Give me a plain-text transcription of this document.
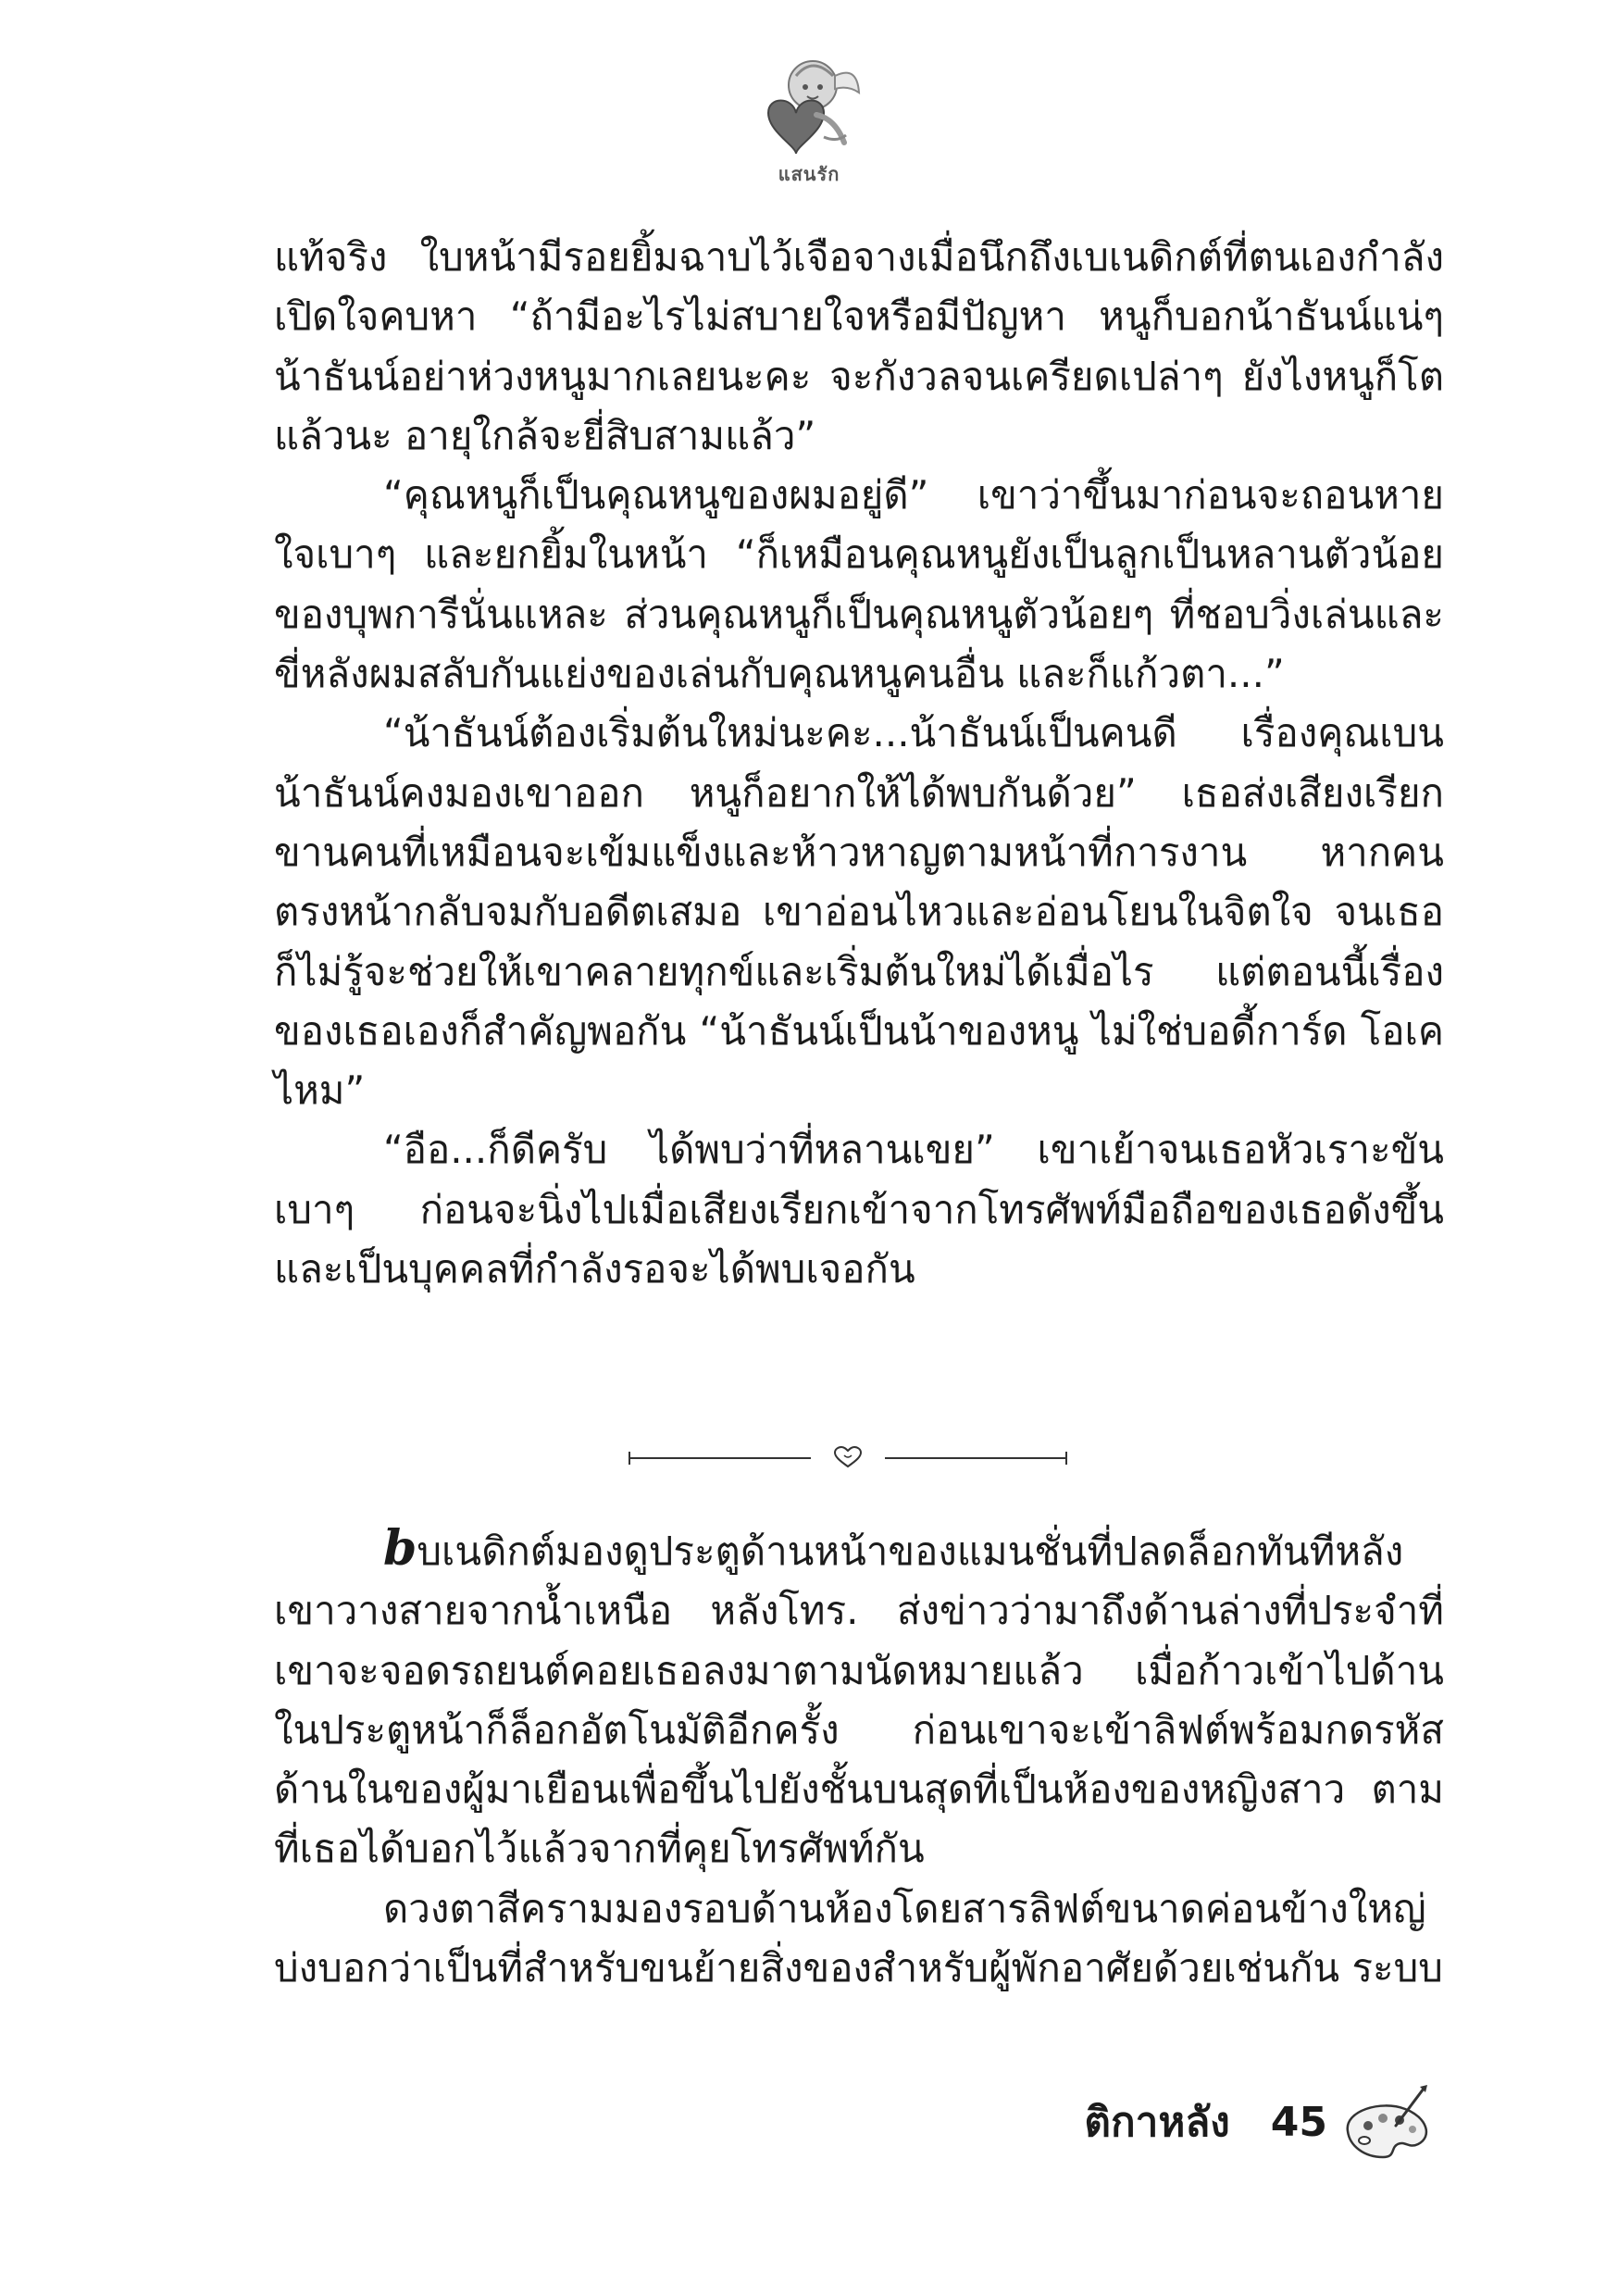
แสนรัก

แท้จริง ใบหน้ามีรอยยิ้มฉาบไว้เจือจางเมื่อนึกถึงเบเนดิกต์ที่ตนเองกำลังเปิดใจคบหา “ถ้ามีอะไรไม่สบายใจหรือมีปัญหา หนูก็บอกน้าธันน์แน่ๆ น้าธันน์อย่าห่วงหนูมากเลยนะคะ จะกังวลจนเครียดเปล่าๆ ยังไงหนูก็โตแล้วนะ อายุใกล้จะยี่สิบสามแล้ว”

“คุณหนูก็เป็นคุณหนูของผมอยู่ดี” เขาว่าขึ้นมาก่อนจะถอนหายใจเบาๆ และยกยิ้มในหน้า “ก็เหมือนคุณหนูยังเป็นลูกเป็นหลานตัวน้อยของบุพการีนั่นแหละ ส่วนคุณหนูก็เป็นคุณหนูตัวน้อยๆ ที่ชอบวิ่งเล่นและขี่หลังผมสลับกันแย่งของเล่นกับคุณหนูคนอื่น และก็แก้วตา...”

“น้าธันน์ต้องเริ่มต้นใหม่นะคะ...น้าธันน์เป็นคนดี เรื่องคุณเบน น้าธันน์คงมองเขาออก หนูก็อยากให้ได้พบกันด้วย” เธอส่งเสียงเรียกขานคนที่เหมือนจะเข้มแข็งและห้าวหาญตามหน้าที่การงาน หากคนตรงหน้ากลับจมกับอดีตเสมอ เขาอ่อนไหวและอ่อนโยนในจิตใจ จนเธอก็ไม่รู้จะช่วยให้เขาคลายทุกข์และเริ่มต้นใหม่ได้เมื่อไร แต่ตอนนี้เรื่องของเธอเองก็สำคัญพอกัน “น้าธันน์เป็นน้าของหนู ไม่ใช่บอดี้การ์ด โอเคไหม”

“อือ...ก็ดีครับ ได้พบว่าที่หลานเขย” เขาเย้าจนเธอหัวเราะขันเบาๆ ก่อนจะนิ่งไปเมื่อเสียงเรียกเข้าจากโทรศัพท์มือถือของเธอดังขึ้น และเป็นบุคคลที่กำลังรอจะได้พบเจอกัน

bบเนดิกต์มองดูประตูด้านหน้าของแมนชั่นที่ปลดล็อกทันทีหลังเขาวางสายจากน้ำเหนือ หลังโทร. ส่งข่าวว่ามาถึงด้านล่างที่ประจำที่เขาจะจอดรถยนต์คอยเธอลงมาตามนัดหมายแล้ว เมื่อก้าวเข้าไปด้านในประตูหน้าก็ล็อกอัตโนมัติอีกครั้ง ก่อนเขาจะเข้าลิฟต์พร้อมกดรหัสด้านในของผู้มาเยือนเพื่อขึ้นไปยังชั้นบนสุดที่เป็นห้องของหญิงสาว ตามที่เธอได้บอกไว้แล้วจากที่คุยโทรศัพท์กัน

ดวงตาสีครามมองรอบด้านห้องโดยสารลิฟต์ขนาดค่อนข้างใหญ่บ่งบอกว่าเป็นที่สำหรับขนย้ายสิ่งของสำหรับผู้พักอาศัยด้วยเช่นกัน ระบบ

ติกาหลัง 45
